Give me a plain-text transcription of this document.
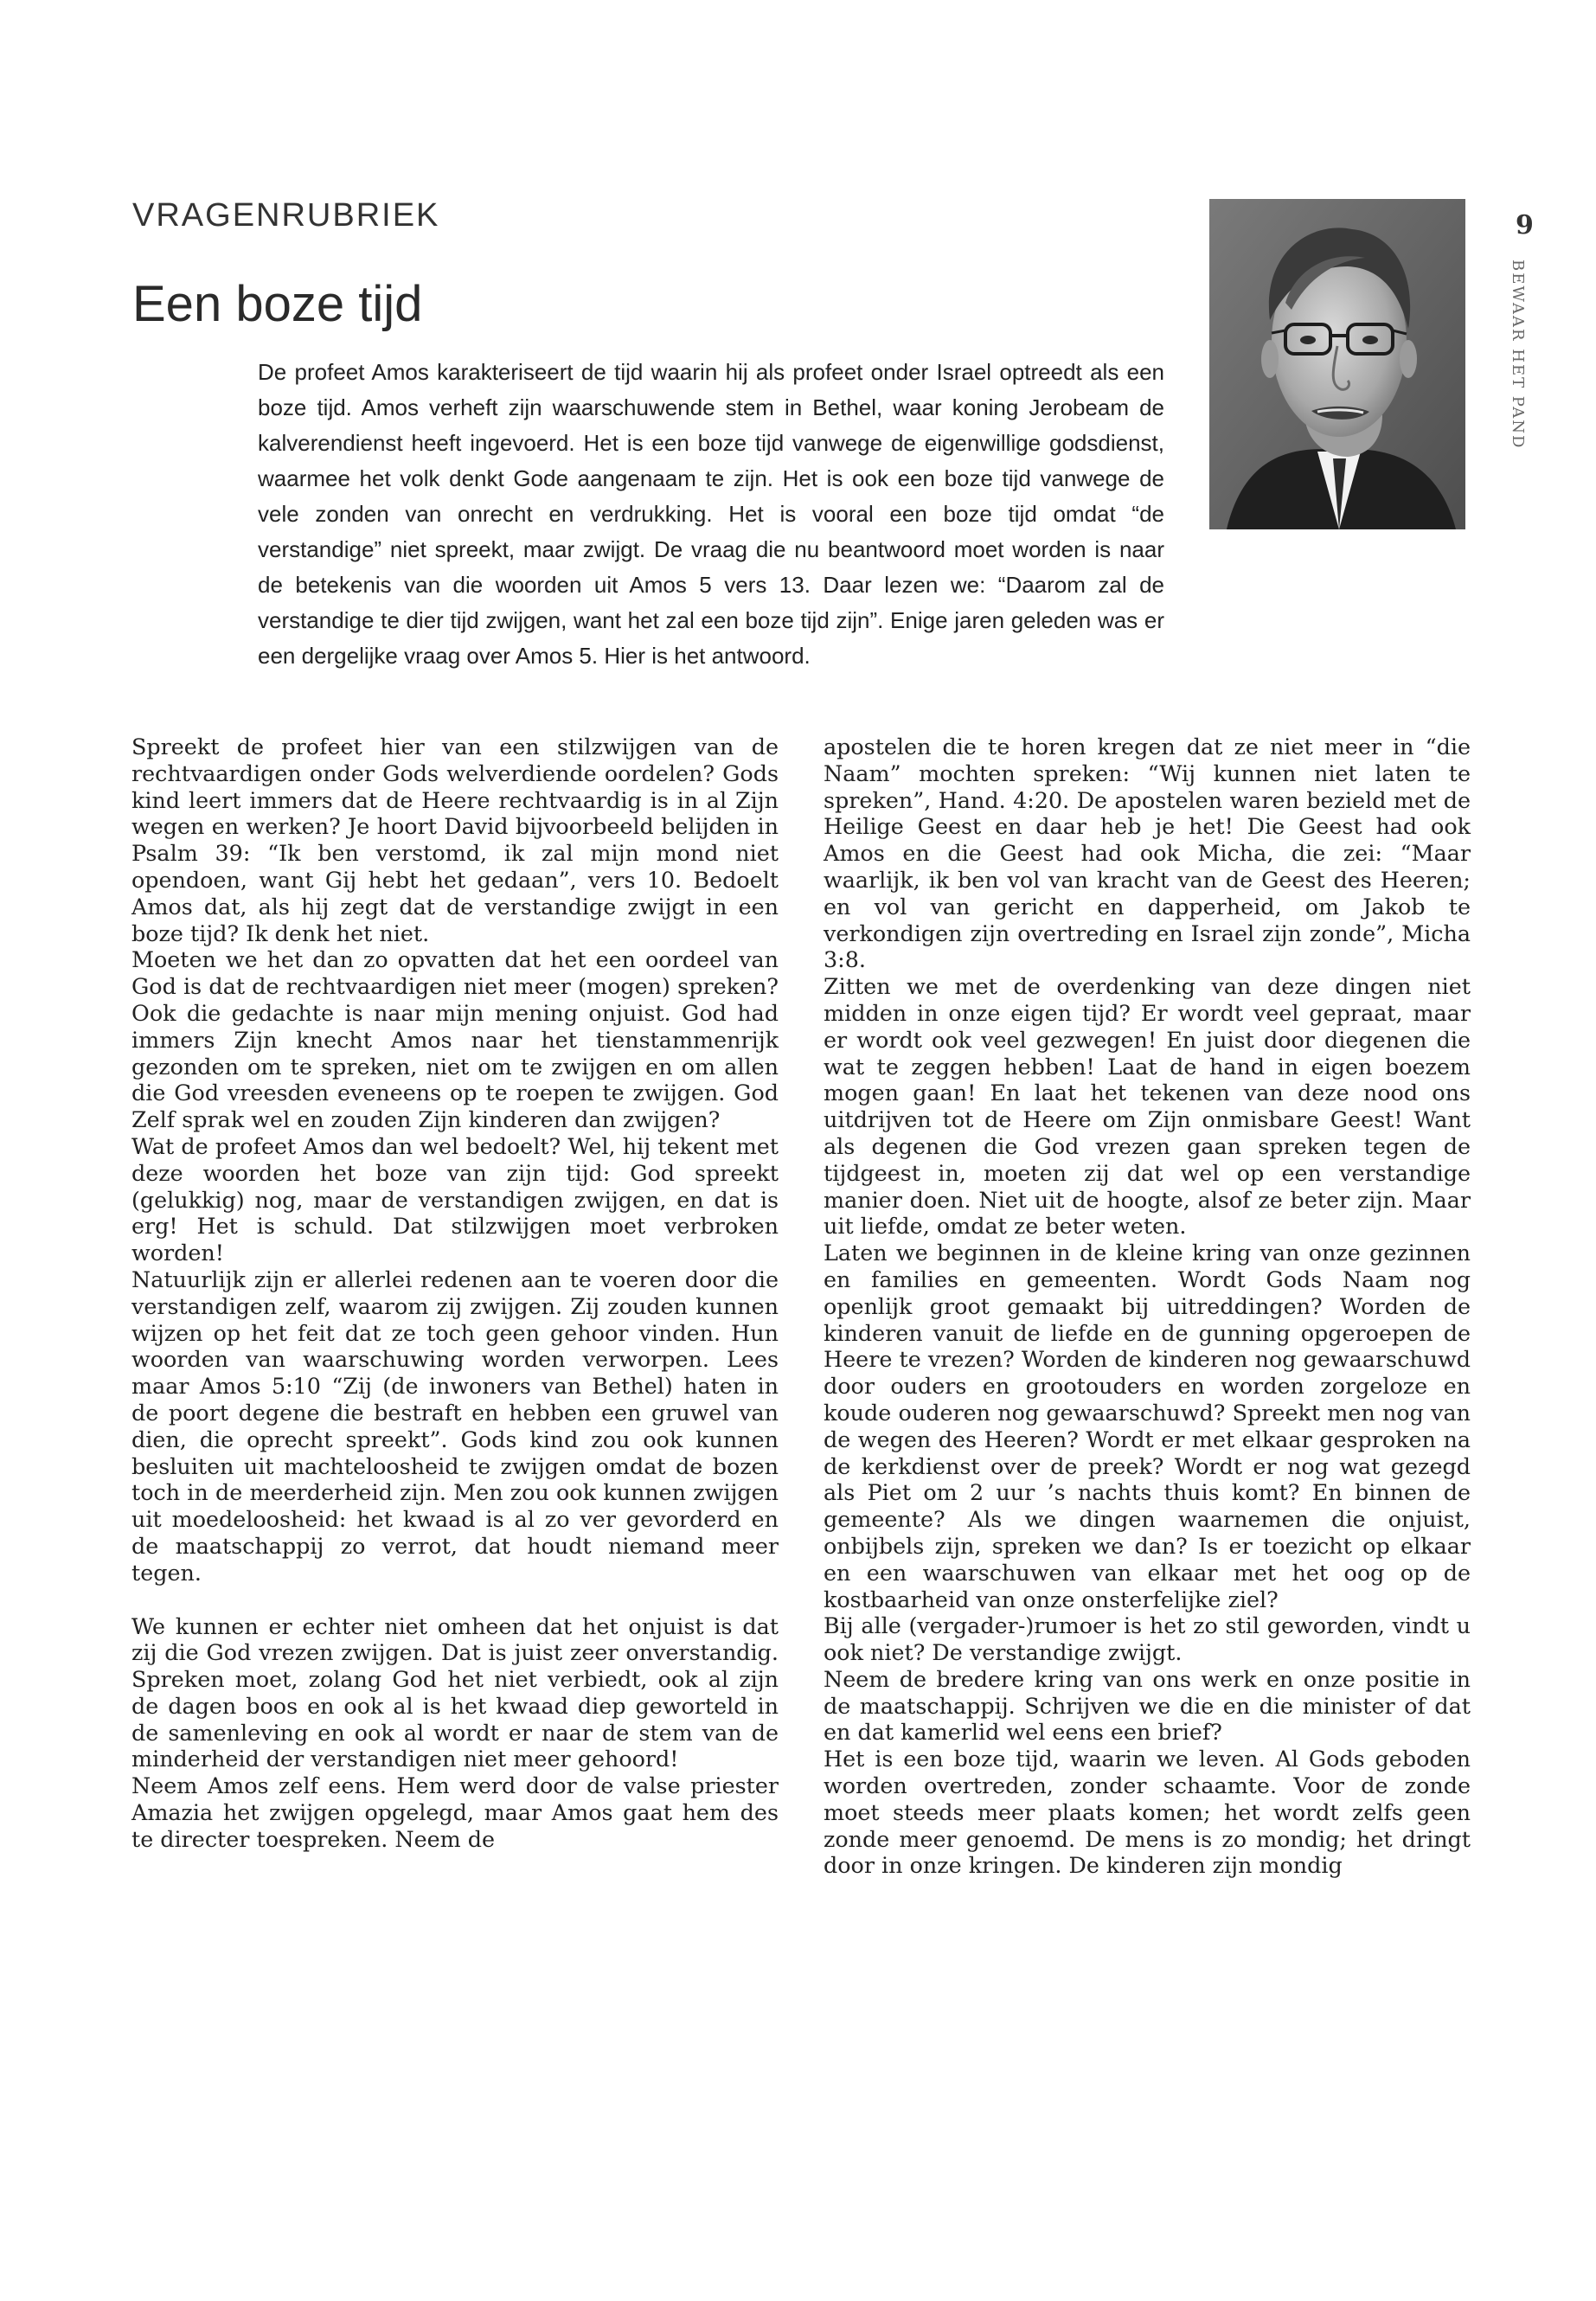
VRAGENRUBRIEK
Een boze tijd

De profeet Amos karakteriseert de tijd waarin hij als profeet onder Israel optreedt als een boze tijd. Amos verheft zijn waarschuwende stem in Bethel, waar koning Jerobeam de kalverendienst heeft ingevoerd. Het is een boze tijd vanwege de eigenwillige godsdienst, waarmee het volk denkt Gode aangenaam te zijn. Het is ook een boze tijd vanwege de vele zonden van onrecht en verdrukking. Het is vooral een boze tijd omdat “de verstandige” niet spreekt, maar zwijgt. De vraag die nu beantwoord moet worden is naar de betekenis van die woorden uit Amos 5 vers 13. Daar lezen we: “Daarom zal de verstandige te dier tijd zwijgen, want het zal een boze tijd zijn”. Enige jaren geleden was er een dergelijke vraag over Amos 5. Hier is het antwoord.

9
BEWAAR HET PAND

Spreekt de profeet hier van een stilzwijgen van de rechtvaardigen onder Gods welverdiende oordelen? Gods kind leert immers dat de Heere rechtvaardig is in al Zijn wegen en werken? Je hoort David bijvoorbeeld belijden in Psalm 39: “Ik ben verstomd, ik zal mijn mond niet opendoen, want Gij hebt het gedaan”, vers 10. Bedoelt Amos dat, als hij zegt dat de verstandige zwijgt in een boze tijd? Ik denk het niet.

Moeten we het dan zo opvatten dat het een oordeel van God is dat de rechtvaardigen niet meer (mogen) spreken? Ook die gedachte is naar mijn mening onjuist. God had immers Zijn knecht Amos naar het tienstammenrijk gezonden om te spreken, niet om te zwijgen en om allen die God vreesden eveneens op te roepen te zwijgen. God Zelf sprak wel en zouden Zijn kinderen dan zwijgen?

Wat de profeet Amos dan wel bedoelt? Wel, hij tekent met deze woorden het boze van zijn tijd: God spreekt (gelukkig) nog, maar de verstandigen zwijgen, en dat is erg! Het is schuld. Dat stilzwijgen moet verbroken worden!

Natuurlijk zijn er allerlei redenen aan te voeren door die verstandigen zelf, waarom zij zwijgen. Zij zouden kunnen wijzen op het feit dat ze toch geen gehoor vinden. Hun woorden van waarschuwing worden verworpen. Lees maar Amos 5:10 “Zij (de inwoners van Bethel) haten in de poort degene die bestraft en hebben een gruwel van dien, die oprecht spreekt”. Gods kind zou ook kunnen besluiten uit machteloosheid te zwijgen omdat de bozen toch in de meerderheid zijn. Men zou ook kunnen zwijgen uit moedeloosheid: het kwaad is al zo ver gevorderd en de maatschappij zo verrot, dat houdt niemand meer tegen.

We kunnen er echter niet omheen dat het onjuist is dat zij die God vrezen zwijgen. Dat is juist zeer onverstandig. Spreken moet, zolang God het niet verbiedt, ook al zijn de dagen boos en ook al is het kwaad diep geworteld in de samenleving en ook al wordt er naar de stem van de minderheid der verstandigen niet meer gehoord!

Neem Amos zelf eens. Hem werd door de valse priester Amazia het zwijgen opgelegd, maar Amos gaat hem des te directer toespreken. Neem de

apostelen die te horen kregen dat ze niet meer in “die Naam” mochten spreken: “Wij kunnen niet laten te spreken”, Hand. 4:20. De apostelen waren bezield met de Heilige Geest en daar heb je het! Die Geest had ook Amos en die Geest had ook Micha, die zei: “Maar waarlijk, ik ben vol van kracht van de Geest des Heeren; en vol van gericht en dapperheid, om Jakob te verkondigen zijn overtreding en Israel zijn zonde”, Micha 3:8.

Zitten we met de overdenking van deze dingen niet midden in onze eigen tijd? Er wordt veel gepraat, maar er wordt ook veel gezwegen! En juist door diegenen die wat te zeggen hebben! Laat de hand in eigen boezem mogen gaan! En laat het tekenen van deze nood ons uitdrijven tot de Heere om Zijn onmisbare Geest! Want als degenen die God vrezen gaan spreken tegen de tijdgeest in, moeten zij dat wel op een verstandige manier doen. Niet uit de hoogte, alsof ze beter zijn. Maar uit liefde, omdat ze beter weten.

Laten we beginnen in de kleine kring van onze gezinnen en families en gemeenten. Wordt Gods Naam nog openlijk groot gemaakt bij uitreddingen? Worden de kinderen vanuit de liefde en de gunning opgeroepen de Heere te vrezen? Worden de kinderen nog gewaarschuwd door ouders en grootouders en worden zorgeloze en koude ouderen nog gewaarschuwd? Spreekt men nog van de wegen des Heeren? Wordt er met elkaar gesproken na de kerkdienst over de preek? Wordt er nog wat gezegd als Piet om 2 uur ’s nachts thuis komt? En binnen de gemeente? Als we dingen waarnemen die onjuist, onbijbels zijn, spreken we dan? Is er toezicht op elkaar en een waarschuwen van elkaar met het oog op de kostbaarheid van onze onsterfelijke ziel?

Bij alle (vergader-)rumoer is het zo stil geworden, vindt u ook niet? De verstandige zwijgt.

Neem de bredere kring van ons werk en onze positie in de maatschappij. Schrijven we die en die minister of dat en dat kamerlid wel eens een brief?

Het is een boze tijd, waarin we leven. Al Gods geboden worden overtreden, zonder schaamte. Voor de zonde moet steeds meer plaats komen; het wordt zelfs geen zonde meer genoemd. De mens is zo mondig; het dringt door in onze kringen. De kinderen zijn mondig
